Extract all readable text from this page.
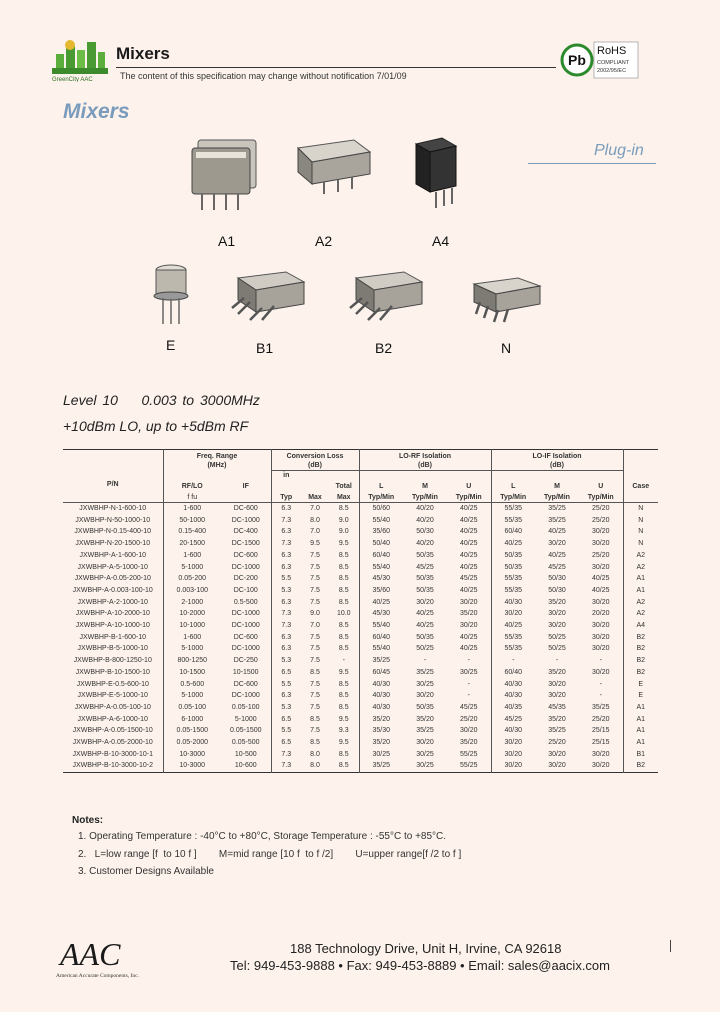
GreenCity AAC
Mixers
The content of this specification may change without notification 7/01/09
Pb
RoHS
COMPLIANT
2002/95/EC
Mixers
Plug-in
A1	A2	A4
E	B1	B2	N
Level 10    0.003 to 3000MHz
+10dBm LO, up to +5dBm RF
	Freq. Range
(MHz)		Conversion Loss
(dB)			LO-RF Isolation
(dB)			LO-IF Isolation
(dB)			
			in									
P/N	RF/LO	IF			Total	L	M	U	L	M	U	Case
	f fu		Typ	Max	Max	Typ/Min	Typ/Min	Typ/Min	Typ/Min	Typ/Min	Typ/Min	
JXWBHP-N-1-600-10	1-600	DC-600	6.3	7.0	8.5	50/60	40/20	40/25	55/35	35/25	25/20	N
JXWBHP-N-50-1000-10	50-1000	DC-1000	7.3	8.0	9.0	55/40	40/20	40/25	55/35	35/25	25/20	N
JXWBHP-N-0.15-400-10	0.15-400	DC-400	6.3	7.0	9.0	35/60	50/30	40/25	60/40	40/25	30/20	N
JXWBHP-N-20-1500-10	20-1500	DC-1500	7.3	9.5	9.5	50/40	40/20	40/25	40/25	30/20	30/20	N
JXWBHP-A-1-600-10	1-600	DC-600	6.3	7.5	8.5	60/40	50/35	40/25	50/35	40/25	25/20	A2
JXWBHP-A-5-1000-10	5-1000	DC-1000	6.3	7.5	8.5	55/40	45/25	40/25	50/35	45/25	30/20	A2
JXWBHP-A-0.05-200-10	0.05-200	DC-200	5.5	7.5	8.5	45/30	50/35	45/25	55/35	50/30	40/25	A1
JXWBHP-A-0.003-100-10	0.003-100	DC-100	5.3	7.5	8.5	35/60	50/35	40/25	55/35	50/30	40/25	A1
JXWBHP-A-2-1000-10	2-1000	0.5-500	6.3	7.5	8.5	40/25	30/20	30/20	40/30	35/20	30/20	A2
JXWBHP-A-10-2000-10	10-2000	DC-1000	7.3	9.0	10.0	45/30	40/25	35/20	30/20	30/20	20/20	A2
JXWBHP-A-10-1000-10	10-1000	DC-1000	7.3	7.0	8.5	55/40	40/25	30/20	40/25	30/20	30/20	A4
JXWBHP-B-1-600-10	1-600	DC-600	6.3	7.5	8.5	60/40	50/35	40/25	55/35	50/25	30/20	B2
JXWBHP-B-5-1000-10	5-1000	DC-1000	6.3	7.5	8.5	55/40	50/25	40/25	55/35	50/25	30/20	B2
JXWBHP-B-800-1250-10	800-1250	DC-250	5.3	7.5	-	35/25	-	-	-	-	-	B2
JXWBHP-B-10-1500-10	10-1500	10-1500	6.5	8.5	9.5	60/45	35/25	30/25	60/40	35/20	30/20	B2
JXWBHP-E-0.5-600-10	0.5-600	DC-600	5.5	7.5	8.5	40/30	30/25	-	40/30	30/20	-	E
JXWBHP-E-5-1000-10	5-1000	DC-1000	6.3	7.5	8.5	40/30	30/20	-	40/30	30/20	-	E
JXWBHP-A-0.05-100-10	0.05-100	0.05-100	5.3	7.5	8.5	40/30	50/35	45/25	40/35	45/35	35/25	A1
JXWBHP-A-6-1000-10	6-1000	5-1000	6.5	8.5	9.5	35/20	35/20	25/20	45/25	35/20	25/20	A1
JXWBHP-A-0.05-1500-10	0.05-1500	0.05-1500	5.5	7.5	9.3	35/30	35/25	30/20	40/30	35/25	25/15	A1
JXWBHP-A-0.05-2000-10	0.05-2000	0.05-500	6.5	8.5	9.5	35/20	30/20	35/20	30/20	25/20	25/15	A1
JXWBHP-B-10-3000-10-1	10-3000	10-500	7.3	8.0	8.5	30/25	30/25	55/25	30/20	30/20	30/20	B1
JXWBHP-B-10-3000-10-2	10-3000	10-600	7.3	8.0	8.5	35/25	30/25	55/25	30/20	30/20	30/20	B2
Notes:
1. Operating Temperature : -40°C to +80°C, Storage Temperature : -55°C to +85°C.
2.   L=low range [f  to 10 f ]        M=mid range [10 f  to f /2]        U=upper range[f /2 to f ]
3. Customer Designs Available
AAC
American Accurate Components, Inc.
188 Technology Drive, Unit H, Irvine, CA 92618
Tel: 949-453-9888 • Fax: 949-453-8889 • Email: sales@aacix.com
